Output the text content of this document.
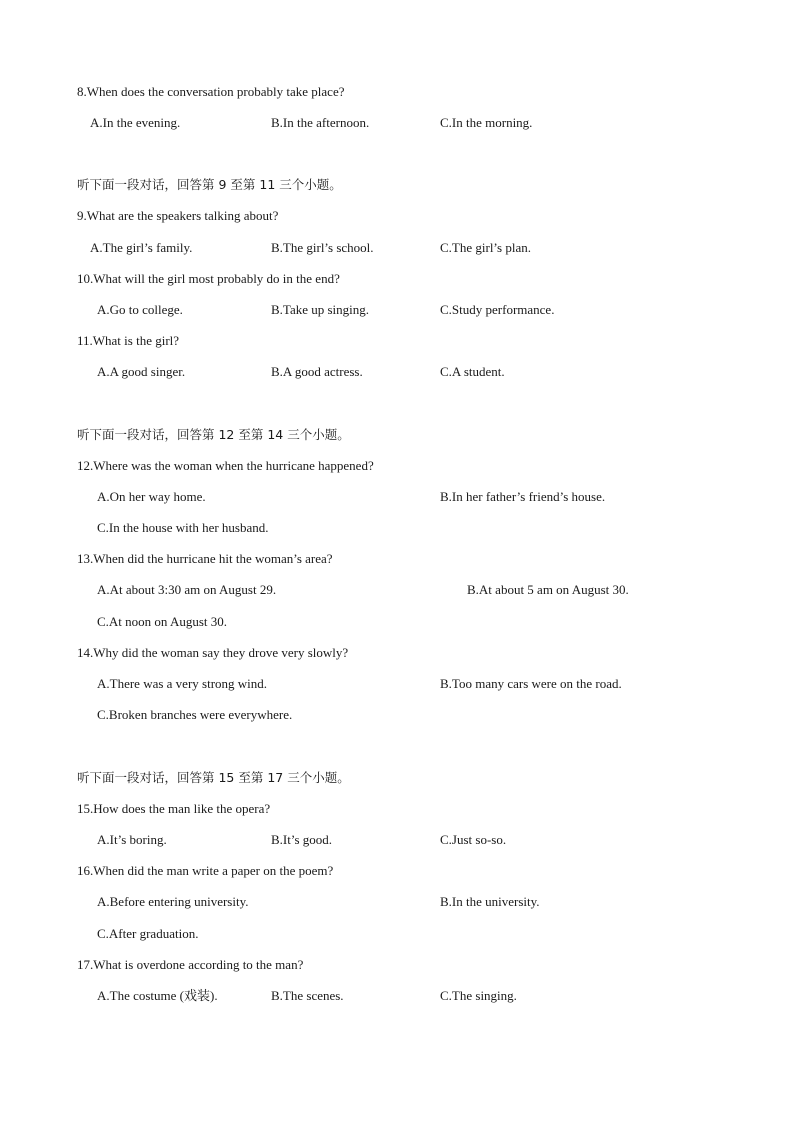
8.When does the conversation probably take place?
A.In the evening.	B.In the afternoon.	C.In the morning.
听下面一段对话，回答第 9 至第 11 三个小题。
9.What are the speakers talking about?
A.The girl’s family.	B.The girl’s school.	C.The girl’s plan.
10.What will the girl most probably do in the end?
A.Go to college.	B.Take up singing.	C.Study performance.
11.What is the girl?
A.A good singer.	B.A good actress.	C.A student.
听下面一段对话，回答第 12 至第 14 三个小题。
12.Where was the woman when the hurricane happened?
A.On her way home.	B.In her father’s friend’s house.
C.In the house with her husband.
13.When did the hurricane hit the woman’s area?
A.At about 3:30 am on August 29.	B.At about 5 am on August 30.
C.At noon on August 30.
14.Why did the woman say they drove very slowly?
A.There was a very strong wind.	B.Too many cars were on the road.
C.Broken branches were everywhere.
听下面一段对话，回答第 15 至第 17 三个小题。
15.How does the man like the opera?
A.It’s boring.	B.It’s good.	C.Just so-so.
16.When did the man write a paper on the poem?
A.Before entering university.	B.In the university.
C.After graduation.
17.What is overdone according to the man?
A.The costume (戏装).	B.The scenes.	C.The singing.
